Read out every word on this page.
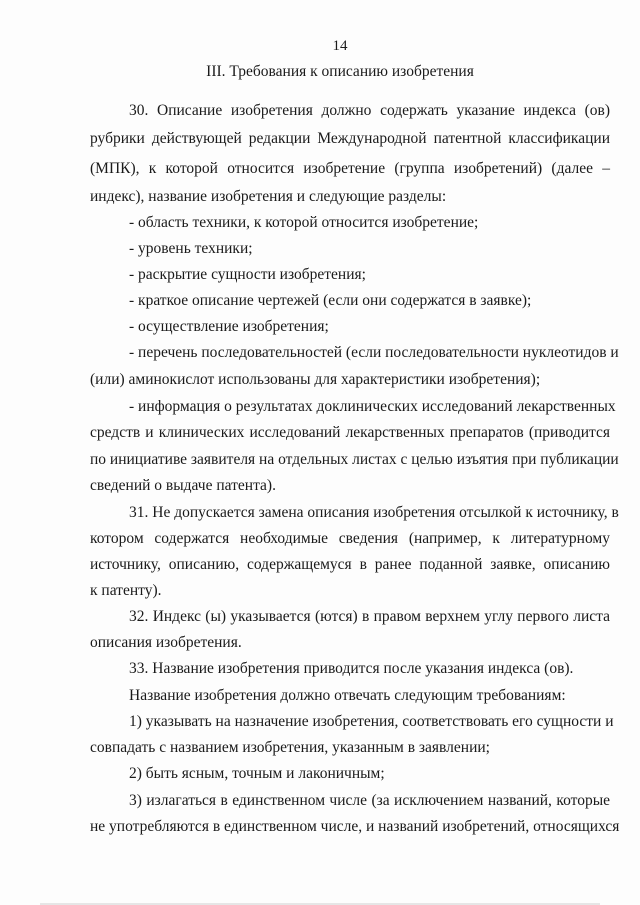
14
III. Требования к описанию изобретения
30. Описание изобретения должно содержать указание индекса (ов)
рубрики действующей редакции Международной патентной классификации
(МПК), к которой относится изобретение (группа изобретений) (далее –
индекс), название изобретения и следующие разделы:
- область техники, к которой относится изобретение;
- уровень техники;
- раскрытие сущности изобретения;
- краткое описание чертежей (если они содержатся в заявке);
- осуществление изобретения;
- перечень последовательностей (если последовательности нуклеотидов и
(или) аминокислот использованы для характеристики изобретения);
- информация о результатах доклинических исследований лекарственных
средств и клинических исследований лекарственных препаратов (приводится
по инициативе заявителя на отдельных листах с целью изъятия при публикации
сведений о выдаче патента).
31. Не допускается замена описания изобретения отсылкой к источнику, в
котором содержатся необходимые сведения (например, к литературному
источнику, описанию, содержащемуся в ранее поданной заявке, описанию
к патенту).
32. Индекс (ы) указывается (ются) в правом верхнем углу первого листа
описания изобретения.
33. Название изобретения приводится после указания индекса (ов).
Название изобретения должно отвечать следующим требованиям:
1) указывать на назначение изобретения, соответствовать его сущности и
совпадать с названием изобретения, указанным в заявлении;
2) быть ясным, точным и лаконичным;
3) излагаться в единственном числе (за исключением названий, которые
не употребляются в единственном числе, и названий изобретений, относящихся
